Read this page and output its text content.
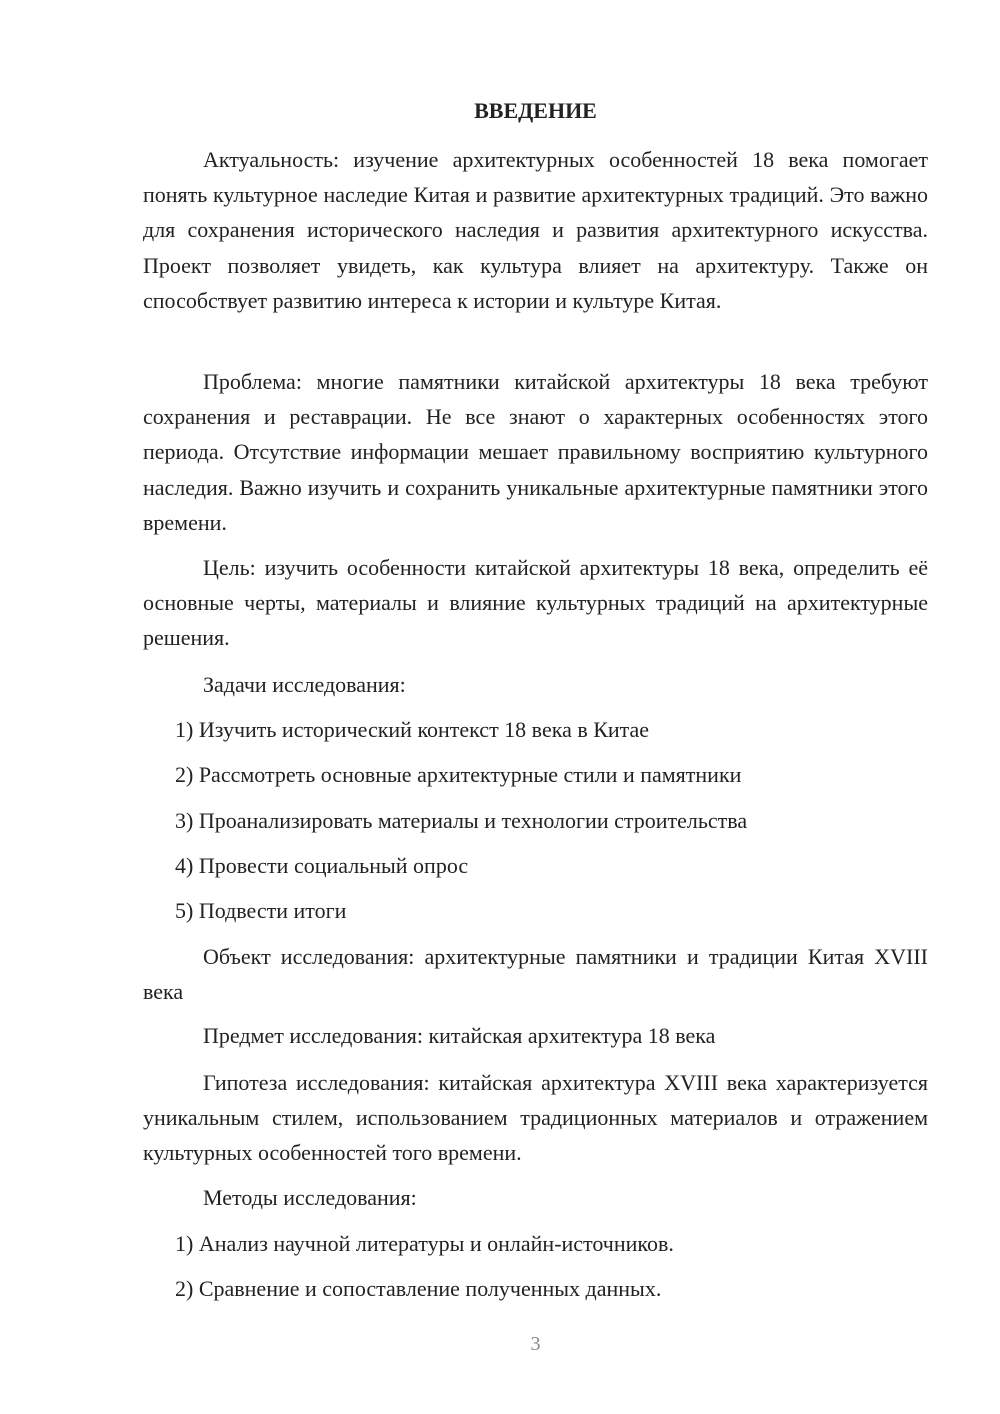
ВВЕДЕНИЕ

Актуальность: изучение архитектурных особенностей 18 века помогает понять культурное наследие Китая и развитие архитектурных традиций. Это важно для сохранения исторического наследия и развития архитектурного искусства. Проект позволяет увидеть, как культура влияет на архитектуру. Также он способствует развитию интереса к истории и культуре Китая.

Проблема: многие памятники китайской архитектуры 18 века требуют сохранения и реставрации. Не все знают о характерных особенностях этого периода. Отсутствие информации мешает правильному восприятию культурного наследия. Важно изучить и сохранить уникальные архитектурные памятники этого времени.

Цель: изучить особенности китайской архитектуры 18 века, определить её основные черты, материалы и влияние культурных традиций на архитектурные решения.

Задачи исследования:
1) Изучить исторический контекст 18 века в Китае
2) Рассмотреть основные архитектурные стили и памятники
3) Проанализировать материалы и технологии строительства
4) Провести социальный опрос
5) Подвести итоги

Объект исследования: архитектурные памятники и традиции Китая XVIII века

Предмет исследования: китайская архитектура 18 века

Гипотеза исследования: китайская архитектура XVIII века характеризуется уникальным стилем, использованием традиционных материалов и отражением культурных особенностей того времени.

Методы исследования:
1) Анализ научной литературы и онлайн-источников.
2) Сравнение и сопоставление полученных данных.
3
